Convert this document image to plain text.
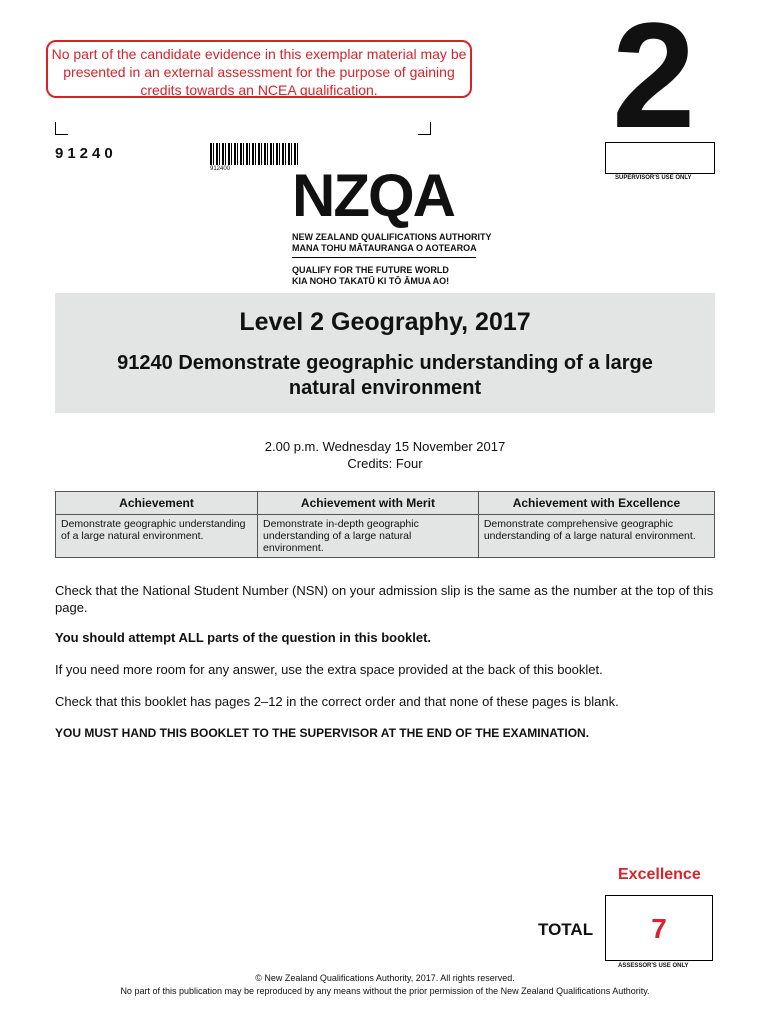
No part of the candidate evidence in this exemplar material may be presented in an external assessment for the purpose of gaining credits towards an NCEA qualification.	2
SUPERVISOR'S USE ONLY
91240
912400 NZQA
NEW ZEALAND QUALIFICATIONS AUTHORITY
MANA TOHU MĀTAURANGA O AOTEAROA
QUALIFY FOR THE FUTURE WORLD
KIA NOHO TAKATŪ KI TŌ ĀMUA AO!
Level 2 Geography, 2017
91240 Demonstrate geographic understanding of a large natural environment
2.00 p.m. Wednesday 15 November 2017
Credits: Four
Achievement	Achievement with Merit	Achievement with Excellence
Demonstrate geographic understanding of a large natural environment.	Demonstrate in-depth geographic understanding of a large natural environment.	Demonstrate comprehensive geographic understanding of a large natural environment.
Check that the National Student Number (NSN) on your admission slip is the same as the number at the top of this page.
You should attempt ALL parts of the question in this booklet.
If you need more room for any answer, use the extra space provided at the back of this booklet.
Check that this booklet has pages 2–12 in the correct order and that none of these pages is blank.
YOU MUST HAND THIS BOOKLET TO THE SUPERVISOR AT THE END OF THE EXAMINATION.
Excellence
TOTAL	7
ASSESSOR'S USE ONLY
© New Zealand Qualifications Authority, 2017. All rights reserved.
No part of this publication may be reproduced by any means without the prior permission of the New Zealand Qualifications Authority.
